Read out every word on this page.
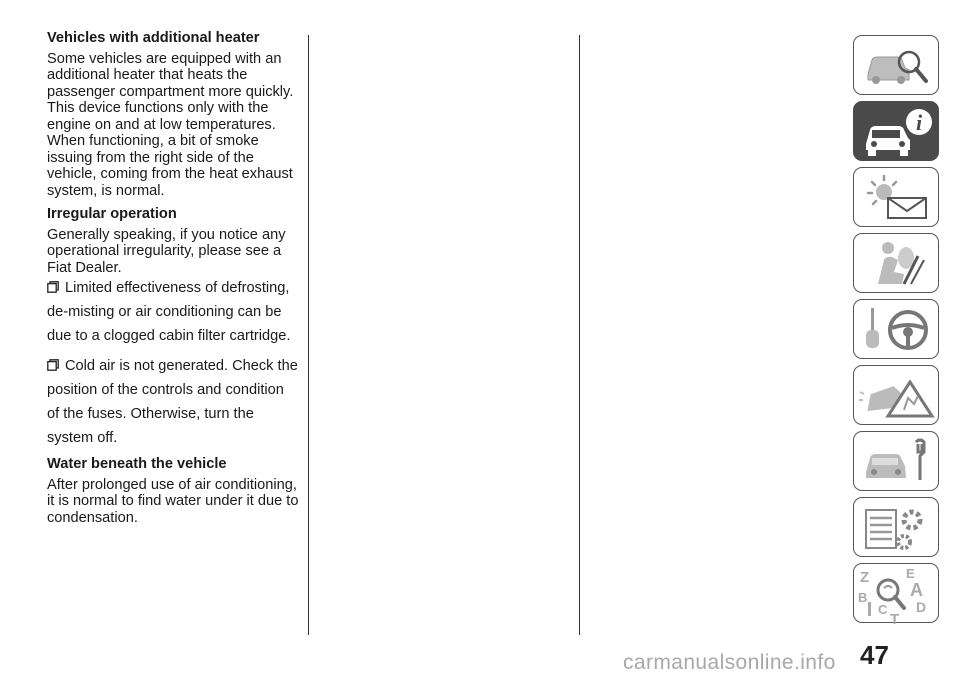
Vehicles with additional heater

Some vehicles are equipped with an additional heater that heats the passenger compartment more quickly. This device functions only with the engine on and at low temperatures. When functioning, a bit of smoke issuing from the right side of the vehicle, coming from the heat exhaust system, is normal.

Irregular operation

Generally speaking, if you notice any operational irregularity, please see a Fiat Dealer.

Limited effectiveness of defrosting, de-misting or air conditioning can be due to a clogged cabin filter cartridge.
Cold air is not generated. Check the position of the controls and condition of the fuses. Otherwise, turn the system off.

Water beneath the vehicle

After prolonged use of air conditioning, it is normal to find water under it due to condensation.

i
Z	E
A
B
C D
T
47
carmanualsonline.info
